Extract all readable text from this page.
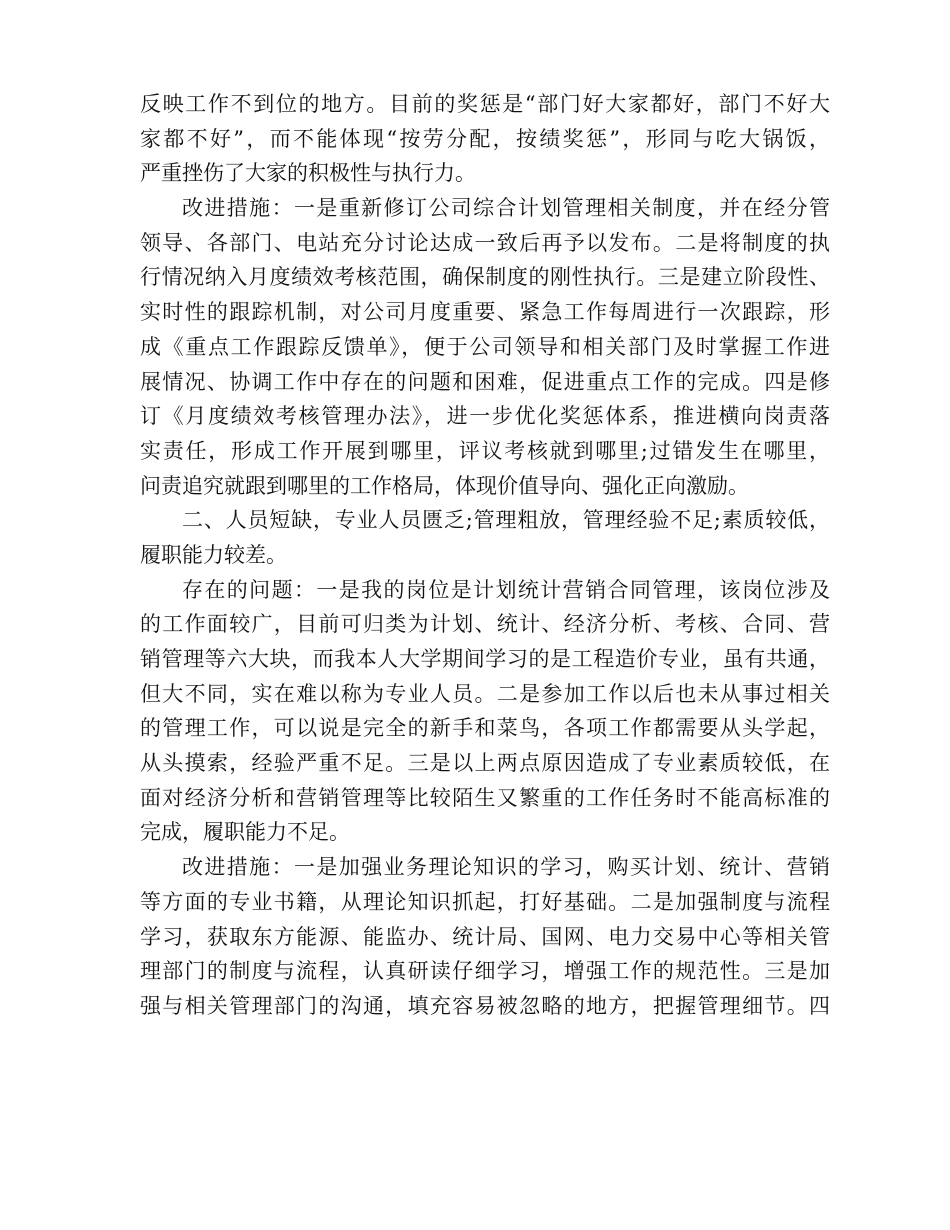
反映工作不到位的地方。目前的奖惩是“部门好大家都好，部门不好大
家都不好”，而不能体现“按劳分配，按绩奖惩”，形同与吃大锅饭，
严重挫伤了大家的积极性与执行力。
改进措施：一是重新修订公司综合计划管理相关制度，并在经分管
领导、各部门、电站充分讨论达成一致后再予以发布。二是将制度的执
行情况纳入月度绩效考核范围，确保制度的刚性执行。三是建立阶段性、
实时性的跟踪机制，对公司月度重要、紧急工作每周进行一次跟踪，形
成《重点工作跟踪反馈单》，便于公司领导和相关部门及时掌握工作进
展情况、协调工作中存在的问题和困难，促进重点工作的完成。四是修
订《月度绩效考核管理办法》，进一步优化奖惩体系，推进横向岗责落
实责任，形成工作开展到哪里，评议考核就到哪里;过错发生在哪里，
问责追究就跟到哪里的工作格局，体现价值导向、强化正向激励。
二、人员短缺，专业人员匮乏;管理粗放，管理经验不足;素质较低，
履职能力较差。
存在的问题：一是我的岗位是计划统计营销合同管理，该岗位涉及
的工作面较广，目前可归类为计划、统计、经济分析、考核、合同、营
销管理等六大块，而我本人大学期间学习的是工程造价专业，虽有共通，
但大不同，实在难以称为专业人员。二是参加工作以后也未从事过相关
的管理工作，可以说是完全的新手和菜鸟，各项工作都需要从头学起，
从头摸索，经验严重不足。三是以上两点原因造成了专业素质较低，在
面对经济分析和营销管理等比较陌生又繁重的工作任务时不能高标准的
完成，履职能力不足。
改进措施：一是加强业务理论知识的学习，购买计划、统计、营销
等方面的专业书籍，从理论知识抓起，打好基础。二是加强制度与流程
学习，获取东方能源、能监办、统计局、国网、电力交易中心等相关管
理部门的制度与流程，认真研读仔细学习，增强工作的规范性。三是加
强与相关管理部门的沟通，填充容易被忽略的地方，把握管理细节。四
